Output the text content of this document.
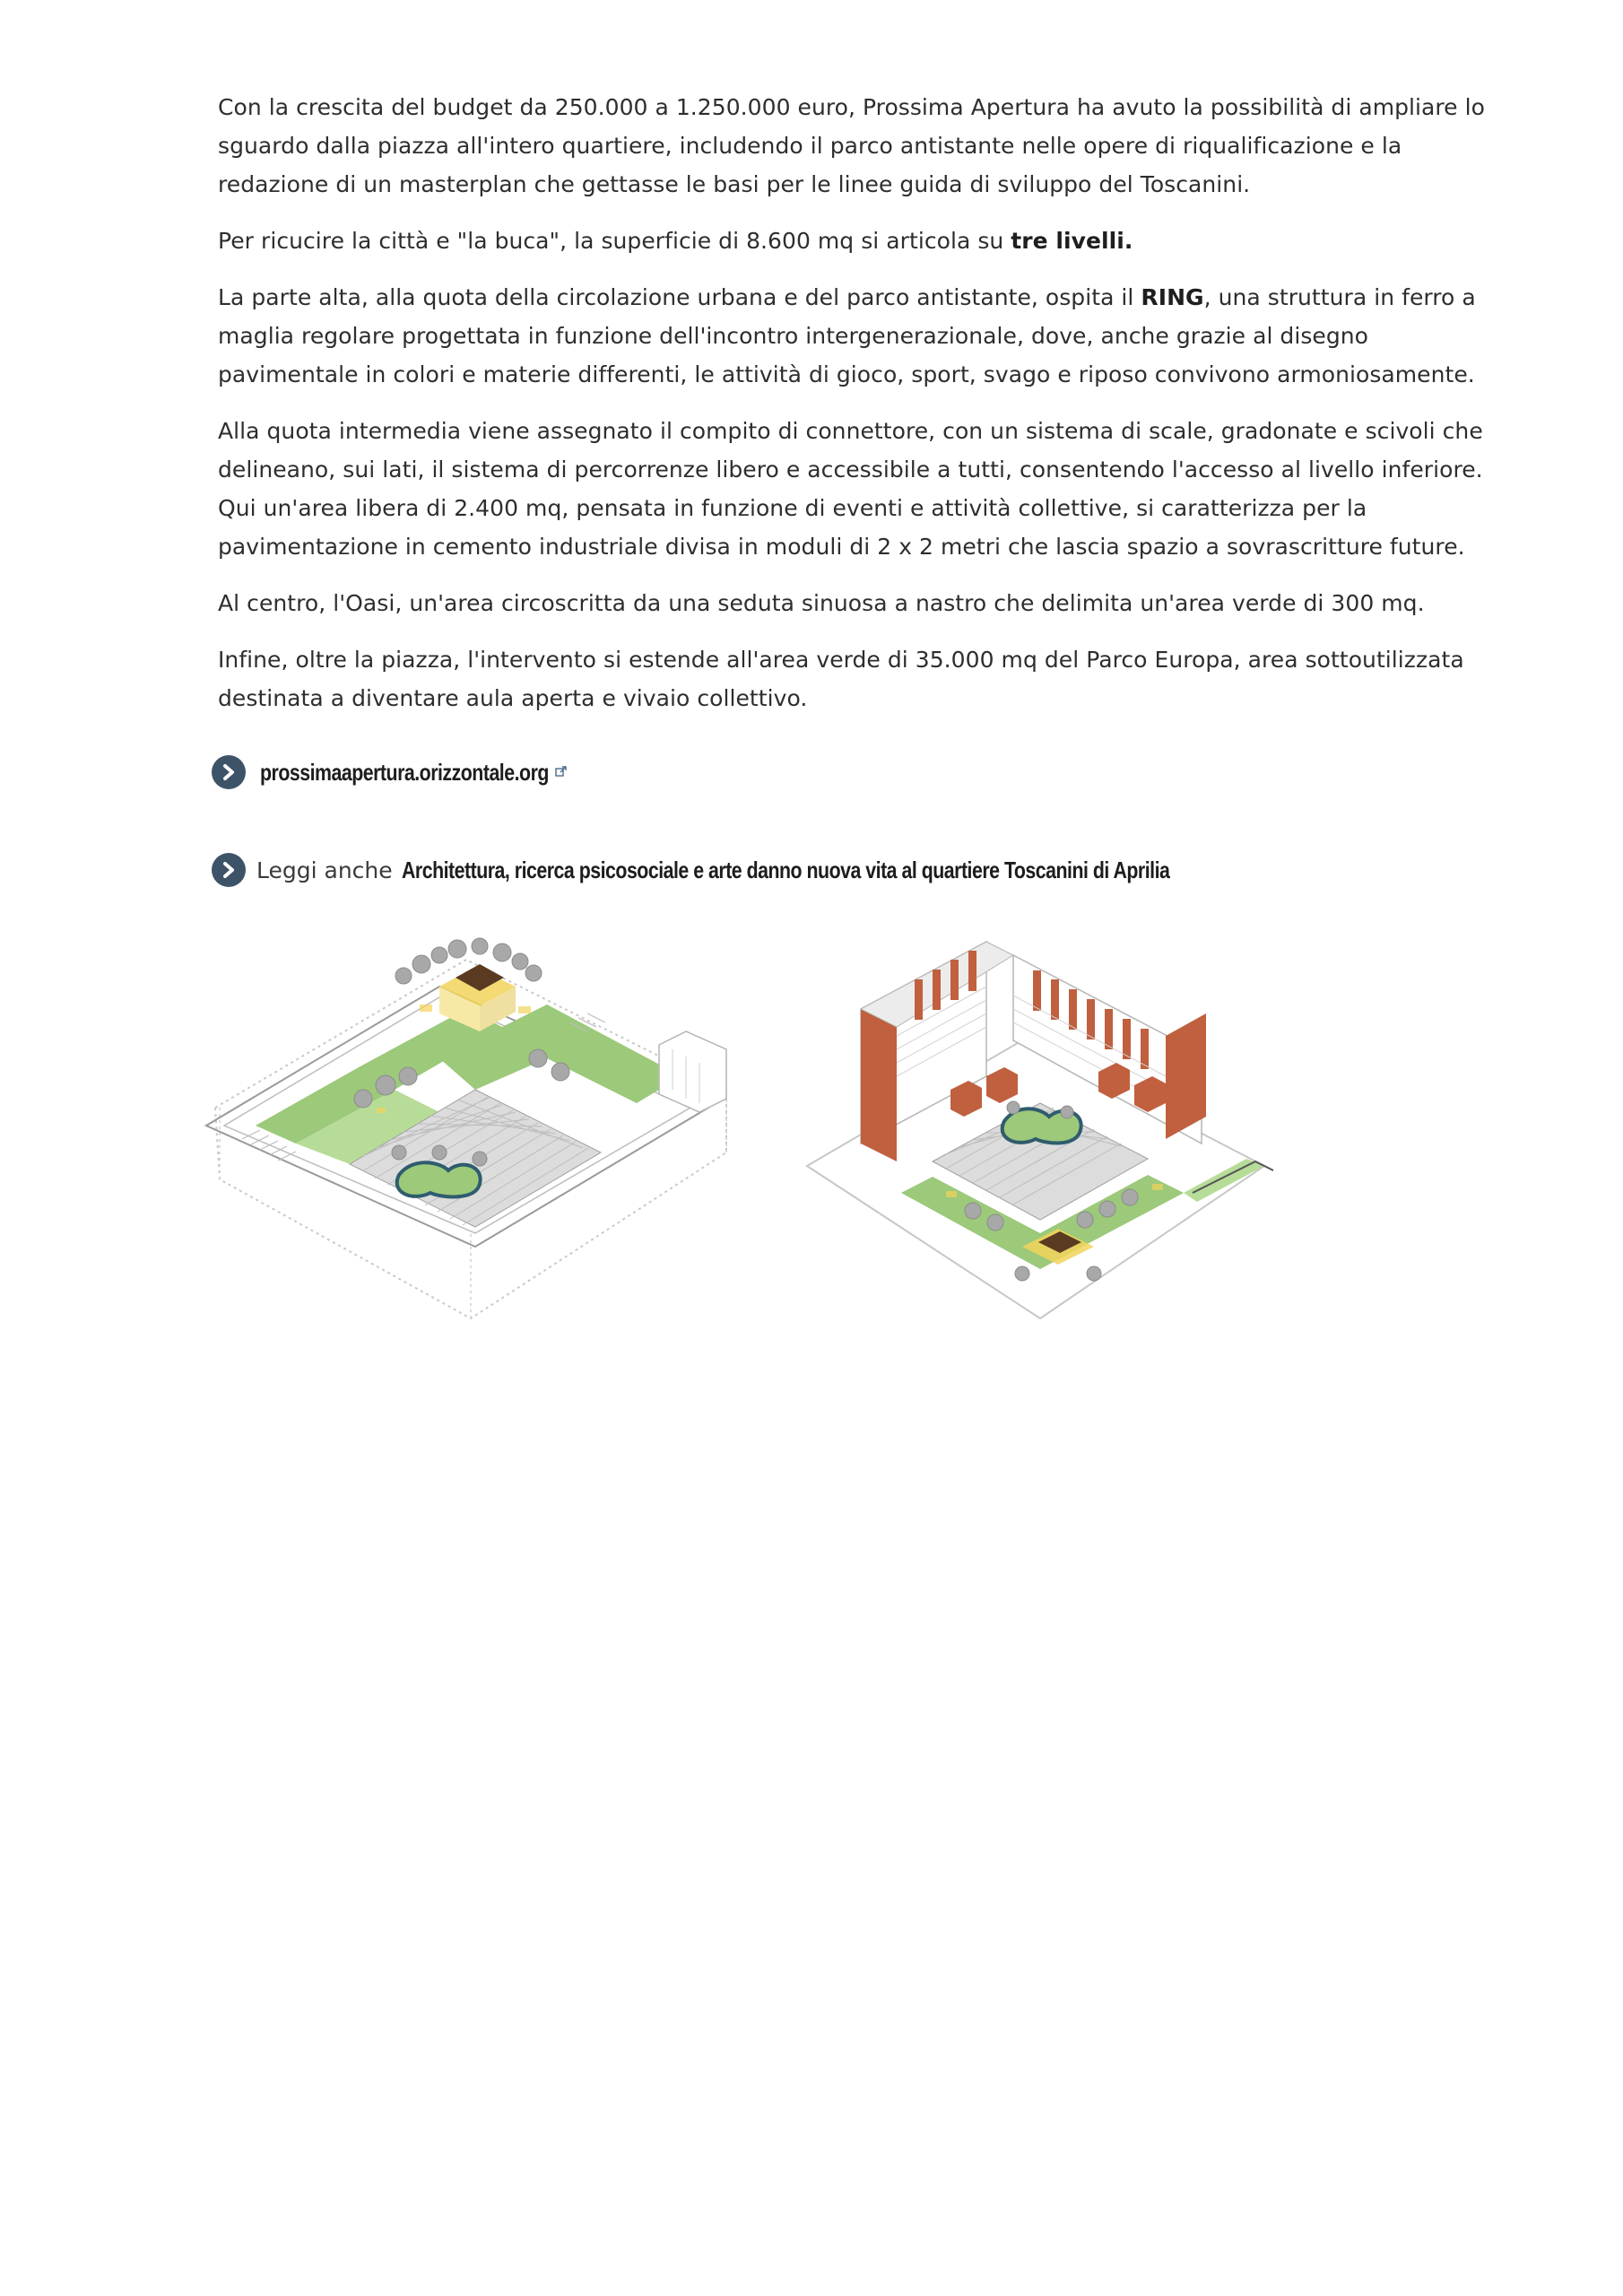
Con la crescita del budget da 250.000 a 1.250.000 euro, Prossima Apertura ha avuto la possibilità di ampliare lo sguardo dalla piazza all'intero quartiere, includendo il parco antistante nelle opere di riqualificazione e la redazione di un masterplan che gettasse le basi per le linee guida di sviluppo del Toscanini.

Per ricucire la città e "la buca", la superficie di 8.600 mq si articola su tre livelli.

La parte alta, alla quota della circolazione urbana e del parco antistante, ospita il RING, una struttura in ferro a maglia regolare progettata in funzione dell'incontro intergenerazionale, dove, anche grazie al disegno pavimentale in colori e materie differenti, le attività di gioco, sport, svago e riposo convivono armoniosamente.

Alla quota intermedia viene assegnato il compito di connettore, con un sistema di scale, gradonate e scivoli che delineano, sui lati, il sistema di percorrenze libero e accessibile a tutti, consentendo l'accesso al livello inferiore. Qui un'area libera di 2.400 mq, pensata in funzione di eventi e attività collettive, si caratterizza per la pavimentazione in cemento industriale divisa in moduli di 2 x 2 metri che lascia spazio a sovrascritture future.

Al centro, l'Oasi, un'area circoscritta da una seduta sinuosa a nastro che delimita un'area verde di 300 mq.

Infine, oltre la piazza, l'intervento si estende all'area verde di 35.000 mq del Parco Europa, area sottoutilizzata destinata a diventare aula aperta e vivaio collettivo.

prossimaapertura.orizzontale.org
Leggi anche Architettura, ricerca psicosociale e arte danno nuova vita al quartiere Toscanini di Aprilia
